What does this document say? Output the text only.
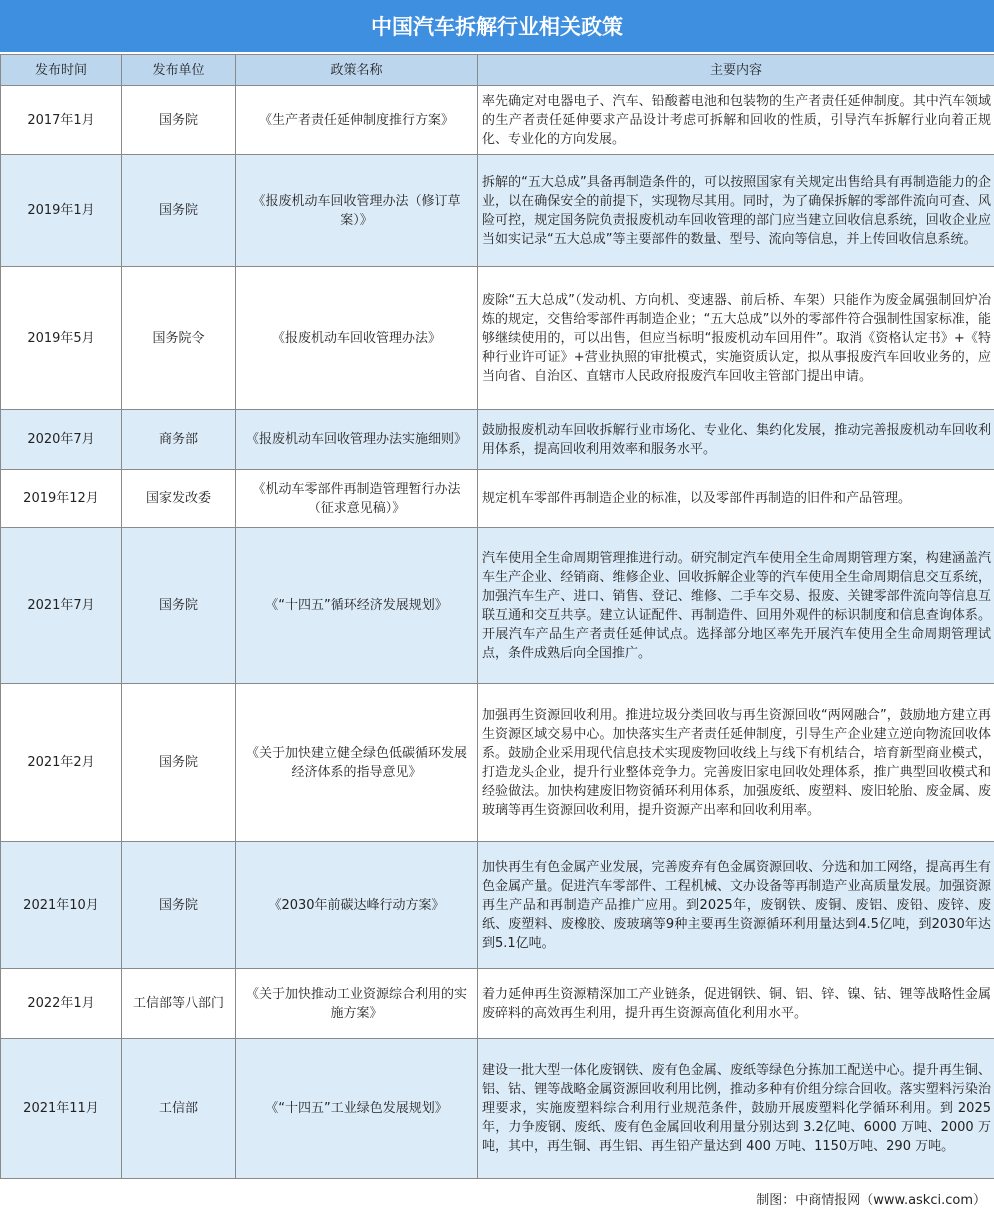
中国汽车拆解行业相关政策
发布时间	发布单位	政策名称	主要内容
2017年1月	国务院	《生产者责任延伸制度推行方案》	率先确定对电器电子、汽车、铅酸蓄电池和包装物的生产者责任延伸制度。其中汽车领域的生产者责任延伸要求产品设计考虑可拆解和回收的性质，引导汽车拆解行业向着正规化、专业化的方向发展。
2019年1月	国务院	《报废机动车回收管理办法（修订草案）》	拆解的“五大总成”具备再制造条件的，可以按照国家有关规定出售给具有再制造能力的企业，以在确保安全的前提下，实现物尽其用。同时，为了确保拆解的零部件流向可查、风险可控，规定国务院负责报废机动车回收管理的部门应当建立回收信息系统，回收企业应当如实记录“五大总成”等主要部件的数量、型号、流向等信息，并上传回收信息系统。
2019年5月	国务院令	《报废机动车回收管理办法》	废除“五大总成”（发动机、方向机、变速器、前后桥、车架）只能作为废金属强制回炉冶炼的规定，交售给零部件再制造企业；“五大总成”以外的零部件符合强制性国家标准，能够继续使用的，可以出售，但应当标明“报废机动车回用件”。取消《资格认定书》+《特种行业许可证》+营业执照的审批模式，实施资质认定，拟从事报废汽车回收业务的，应当向省、自治区、直辖市人民政府报废汽车回收主管部门提出申请。
2020年7月	商务部	《报废机动车回收管理办法实施细则》	鼓励报废机动车回收拆解行业市场化、专业化、集约化发展，推动完善报废机动车回收利用体系，提高回收利用效率和服务水平。
2019年12月	国家发改委	《机动车零部件再制造管理暂行办法（征求意见稿）》	规定机车零部件再制造企业的标准，以及零部件再制造的旧件和产品管理。
2021年7月	国务院	《“十四五”循环经济发展规划》	汽车使用全生命周期管理推进行动。研究制定汽车使用全生命周期管理方案，构建涵盖汽车生产企业、经销商、维修企业、回收拆解企业等的汽车使用全生命周期信息交互系统，加强汽车生产、进口、销售、登记、维修、二手车交易、报废、关键零部件流向等信息互联互通和交互共享。建立认证配件、再制造件、回用外观件的标识制度和信息查询体系。开展汽车产品生产者责任延伸试点。选择部分地区率先开展汽车使用全生命周期管理试点，条件成熟后向全国推广。
2021年2月	国务院	《关于加快建立健全绿色低碳循环发展经济体系的指导意见》	加强再生资源回收利用。推进垃圾分类回收与再生资源回收“两网融合”，鼓励地方建立再生资源区域交易中心。加快落实生产者责任延伸制度，引导生产企业建立逆向物流回收体系。鼓励企业采用现代信息技术实现废物回收线上与线下有机结合，培育新型商业模式，打造龙头企业，提升行业整体竞争力。完善废旧家电回收处理体系，推广典型回收模式和经验做法。加快构建废旧物资循环利用体系，加强废纸、废塑料、废旧轮胎、废金属、废玻璃等再生资源回收利用，提升资源产出率和回收利用率。
2021年10月	国务院	《2030年前碳达峰行动方案》	加快再生有色金属产业发展，完善废弃有色金属资源回收、分选和加工网络，提高再生有色金属产量。促进汽车零部件、工程机械、文办设备等再制造产业高质量发展。加强资源再生产品和再制造产品推广应用。到2025年，废钢铁、废铜、废铝、废铅、废锌、废纸、废塑料、废橡胶、废玻璃等9种主要再生资源循环利用量达到4.5亿吨，到2030年达到5.1亿吨。
2022年1月	工信部等八部门	《关于加快推动工业资源综合利用的实施方案》	着力延伸再生资源精深加工产业链条，促进钢铁、铜、铝、锌、镍、钴、锂等战略性金属废碎料的高效再生利用，提升再生资源高值化利用水平。
2021年11月	工信部	《“十四五”工业绿色发展规划》	建设一批大型一体化废钢铁、废有色金属、废纸等绿色分拣加工配送中心。提升再生铜、铝、钴、锂等战略金属资源回收利用比例，推动多种有价组分综合回收。落实塑料污染治理要求，实施废塑料综合利用行业规范条件，鼓励开展废塑料化学循环利用。到 2025 年，力争废钢、废纸、废有色金属回收利用量分别达到 3.2亿吨、6000 万吨、2000 万吨，其中，再生铜、再生铝、再生铅产量达到 400 万吨、1150万吨、290 万吨。
制图：中商情报网（www.askci.com）
